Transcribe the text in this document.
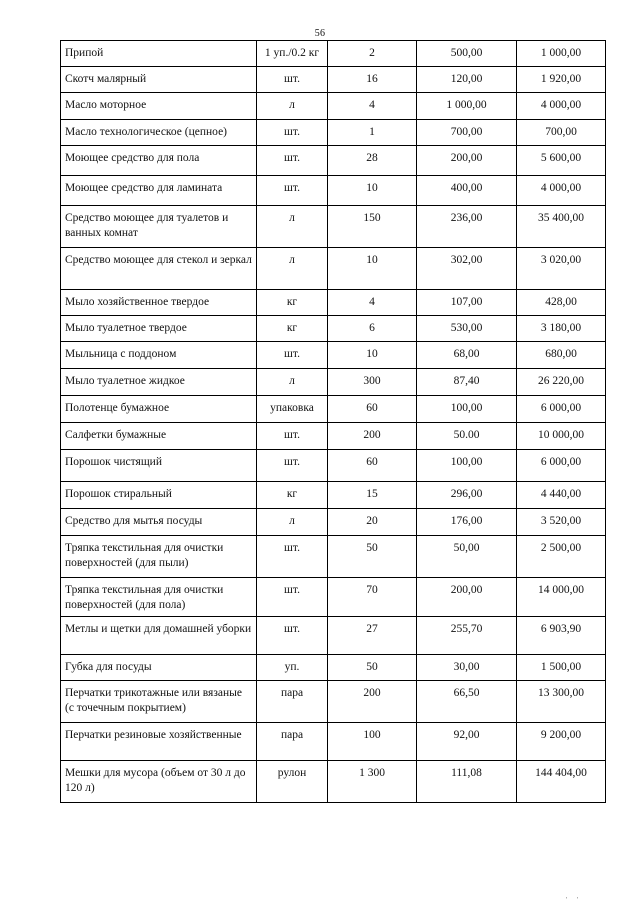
56
Припой	1 уп./0.2 кг	2	500,00	1 000,00
Скотч малярный	шт.	16	120,00	1 920,00
Масло моторное	л	4	1 000,00	4 000,00
Масло технологическое (цепное)	шт.	1	700,00	700,00
Моющее средство для пола	шт.	28	200,00	5 600,00
Моющее средство для ламината	шт.	10	400,00	4 000,00
Средство моющее для туалетов и ванных комнат	л	150	236,00	35 400,00
Средство моющее для стекол и зеркал	л	10	302,00	3 020,00
Мыло хозяйственное твердое	кг	4	107,00	428,00
Мыло туалетное твердое	кг	6	530,00	3 180,00
Мыльница с поддоном	шт.	10	68,00	680,00
Мыло туалетное жидкое	л	300	87,40	26 220,00
Полотенце бумажное	упаковка	60	100,00	6 000,00
Салфетки бумажные	шт.	200	50.00	10 000,00
Порошок чистящий	шт.	60	100,00	6 000,00
Порошок стиральный	кг	15	296,00	4 440,00
Средство для мытья посуды	л	20	176,00	3 520,00
Тряпка текстильная для очистки поверхностей (для пыли)	шт.	50	50,00	2 500,00
Тряпка текстильная для очистки поверхностей (для пола)	шт.	70	200,00	14 000,00
Метлы и щетки для домашней уборки	шт.	27	255,70	6 903,90
Губка для посуды	уп.	50	30,00	1 500,00
Перчатки трикотажные или вязаные (с точечным покрытием)	пара	200	66,50	13 300,00
Перчатки резиновые хозяйственные	пара	100	92,00	9 200,00
Мешки для мусора (объем от 30 л до 120 л)	рулон	1 300	111,08	144 404,00
' '
